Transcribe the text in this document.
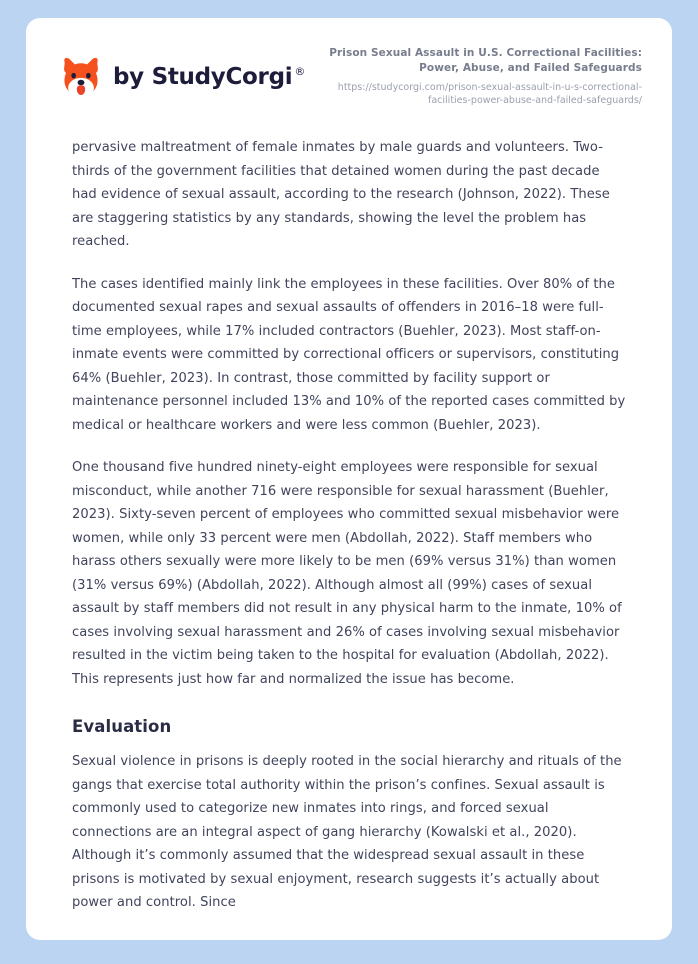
by StudyCorgi ®
Prison Sexual Assault in U.S. Correctional Facilities: Power, Abuse, and Failed Safeguards
https://studycorgi.com/prison-sexual-assault-in-u-s-correctional-facilities-power-abuse-and-failed-safeguards/

pervasive maltreatment of female inmates by male guards and volunteers. Two-thirds of the government facilities that detained women during the past decade had evidence of sexual assault, according to the research (Johnson, 2022). These are staggering statistics by any standards, showing the level the problem has reached.

The cases identified mainly link the employees in these facilities. Over 80% of the documented sexual rapes and sexual assaults of offenders in 2016–18 were full-time employees, while 17% included contractors (Buehler, 2023). Most staff-on-inmate events were committed by correctional officers or supervisors, constituting 64% (Buehler, 2023). In contrast, those committed by facility support or maintenance personnel included 13% and 10% of the reported cases committed by medical or healthcare workers and were less common (Buehler, 2023).

One thousand five hundred ninety-eight employees were responsible for sexual misconduct, while another 716 were responsible for sexual harassment (Buehler, 2023). Sixty-seven percent of employees who committed sexual misbehavior were women, while only 33 percent were men (Abdollah, 2022). Staff members who harass others sexually were more likely to be men (69% versus 31%) than women (31% versus 69%) (Abdollah, 2022). Although almost all (99%) cases of sexual assault by staff members did not result in any physical harm to the inmate, 10% of cases involving sexual harassment and 26% of cases involving sexual misbehavior resulted in the victim being taken to the hospital for evaluation (Abdollah, 2022). This represents just how far and normalized the issue has become.

Evaluation

Sexual violence in prisons is deeply rooted in the social hierarchy and rituals of the gangs that exercise total authority within the prison’s confines. Sexual assault is commonly used to categorize new inmates into rings, and forced sexual connections are an integral aspect of gang hierarchy (Kowalski et al., 2020). Although it’s commonly assumed that the widespread sexual assault in these prisons is motivated by sexual enjoyment, research suggests it’s actually about power and control. Since
